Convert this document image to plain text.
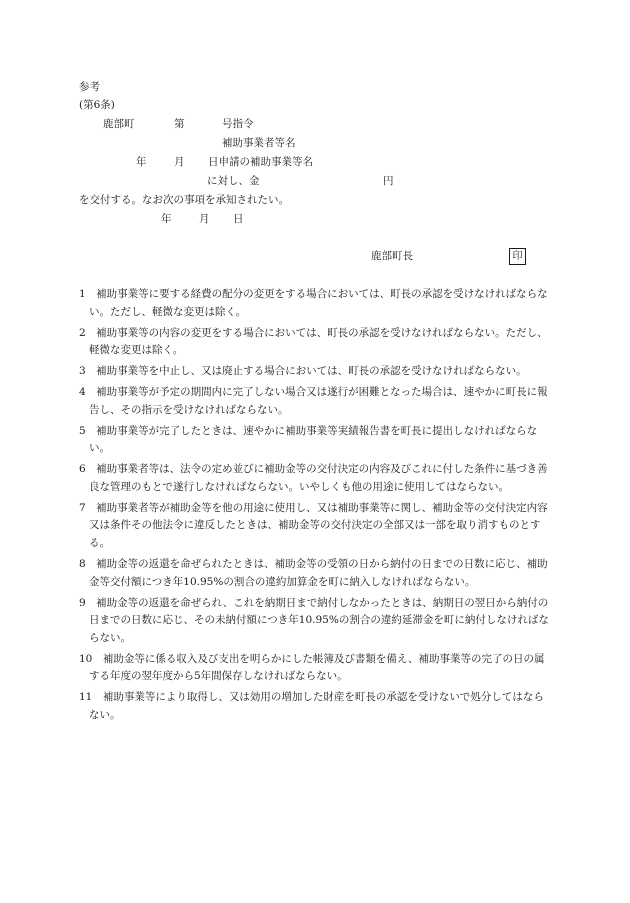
参考
(第6条)
鹿部町	第	号指令
補助事業者等名
年	月 日申請の補助事業等名
に対し、金	円
を交付する。なお次の事項を承知されたい。
年	月 日
鹿部町長	印
1　補助事業等に要する経費の配分の変更をする場合においては、町長の承認を受けなければならない。ただし、軽微な変更は除く。
2　補助事業等の内容の変更をする場合においては、町長の承認を受けなければならない。ただし、軽微な変更は除く。
3　補助事業等を中止し、又は廃止する場合においては、町長の承認を受けなければならない。
4　補助事業等が予定の期間内に完了しない場合又は遂行が困難となった場合は、速やかに町長に報告し、その指示を受けなければならない。
5　補助事業等が完了したときは、速やかに補助事業等実績報告書を町長に提出しなければならない。
6　補助事業者等は、法令の定め並びに補助金等の交付決定の内容及びこれに付した条件に基づき善良な管理のもとで遂行しなければならない。いやしくも他の用途に使用してはならない。
7　補助事業者等が補助金等を他の用途に使用し、又は補助事業等に関し、補助金等の交付決定内容又は条件その他法令に違反したときは、補助金等の交付決定の全部又は一部を取り消すものとする。
8　補助金等の返還を命ぜられたときは、補助金等の受領の日から納付の日までの日数に応じ、補助金等交付額につき年10.95%の割合の違約加算金を町に納入しなければならない。
9　補助金等の返還を命ぜられ、これを納期日まで納付しなかったときは、納期日の翌日から納付の日までの日数に応じ、その未納付額につき年10.95%の割合の違約延滞金を町に納付しなければならない。
10　補助金等に係る収入及び支出を明らかにした帳簿及び書類を備え、補助事業等の完了の日の属する年度の翌年度から5年間保存しなければならない。
11　補助事業等により取得し、又は効用の増加した財産を町長の承認を受けないで処分してはならない。
